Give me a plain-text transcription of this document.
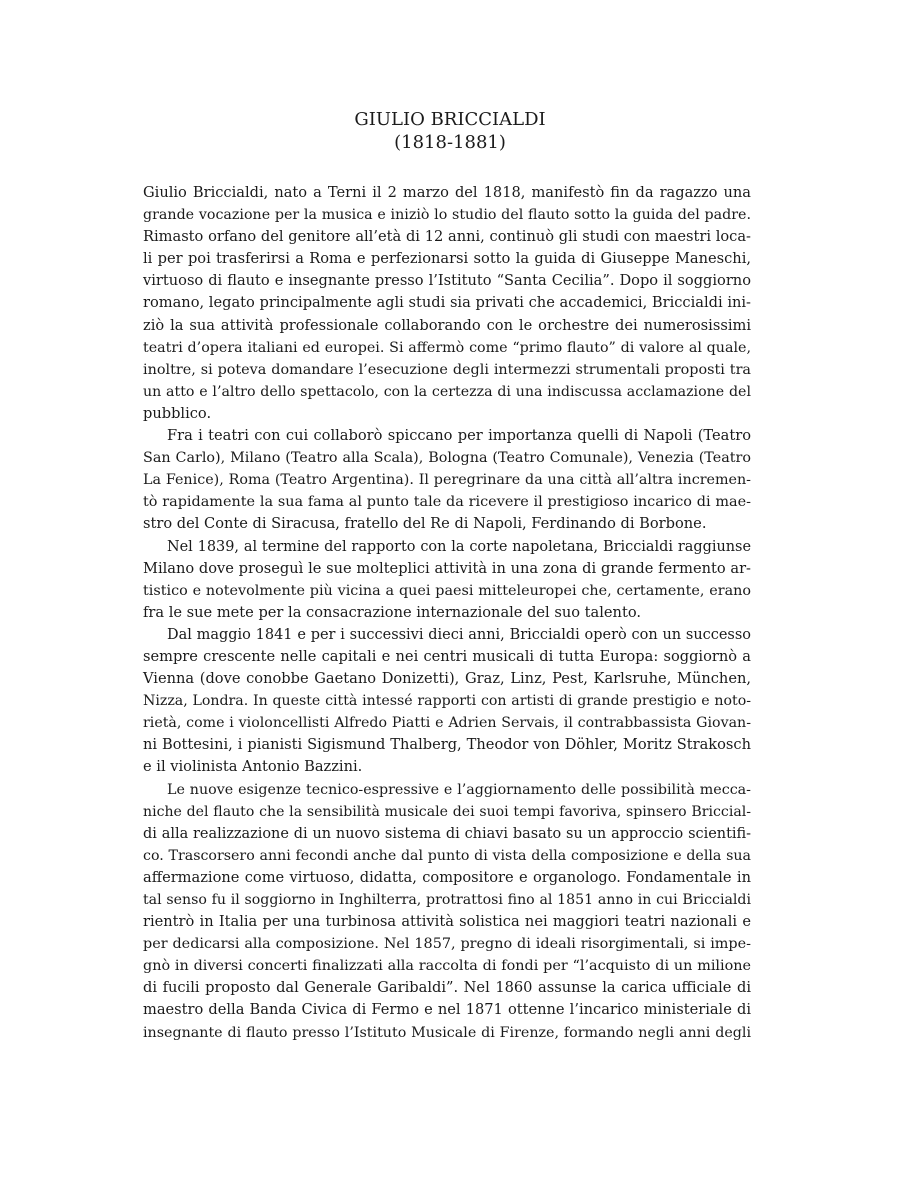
GIULIO BRICCIALDI
(1818-1881)
Giulio Briccialdi, nato a Terni il 2 marzo del 1818, manifestò fin da ragazzo una
grande vocazione per la musica e iniziò lo studio del flauto sotto la guida del padre.
Rimasto orfano del genitore all’età di 12 anni, continuò gli studi con maestri loca-
li per poi trasferirsi a Roma e perfezionarsi sotto la guida di Giuseppe Maneschi,
virtuoso di flauto e insegnante presso l’Istituto “Santa Cecilia”. Dopo il soggiorno
romano, legato principalmente agli studi sia privati che accademici, Briccialdi ini-
ziò la sua attività professionale collaborando con le orchestre dei numerosissimi
teatri d’opera italiani ed europei. Si affermò come “primo flauto” di valore al quale,
inoltre, si poteva domandare l’esecuzione degli intermezzi strumentali proposti tra
un atto e l’altro dello spettacolo, con la certezza di una indiscussa acclamazione del
pubblico.
Fra i teatri con cui collaborò spiccano per importanza quelli di Napoli (Teatro
San Carlo), Milano (Teatro alla Scala), Bologna (Teatro Comunale), Venezia (Teatro
La Fenice), Roma (Teatro Argentina). Il peregrinare da una città all’altra incremen-
tò rapidamente la sua fama al punto tale da ricevere il prestigioso incarico di mae-
stro del Conte di Siracusa, fratello del Re di Napoli, Ferdinando di Borbone.
Nel 1839, al termine del rapporto con la corte napoletana, Briccialdi raggiunse
Milano dove proseguì le sue molteplici attività in una zona di grande fermento ar-
tistico e notevolmente più vicina a quei paesi mitteleuropei che, certamente, erano
fra le sue mete per la consacrazione internazionale del suo talento.
Dal maggio 1841 e per i successivi dieci anni, Briccialdi operò con un successo
sempre crescente nelle capitali e nei centri musicali di tutta Europa: soggiornò a
Vienna (dove conobbe Gaetano Donizetti), Graz, Linz, Pest, Karlsruhe, München,
Nizza, Londra. In queste città intessé rapporti con artisti di grande prestigio e noto-
rietà, come i violoncellisti Alfredo Piatti e Adrien Servais, il contrabbassista Giovan-
ni Bottesini, i pianisti Sigismund Thalberg, Theodor von Döhler, Moritz Strakosch
e il violinista Antonio Bazzini.
Le nuove esigenze tecnico-espressive e l’aggiornamento delle possibilità mecca-
niche del flauto che la sensibilità musicale dei suoi tempi favoriva, spinsero Briccial-
di alla realizzazione di un nuovo sistema di chiavi basato su un approccio scientifi-
co. Trascorsero anni fecondi anche dal punto di vista della composizione e della sua
affermazione come virtuoso, didatta, compositore e organologo. Fondamentale in
tal senso fu il soggiorno in Inghilterra, protrattosi fino al 1851 anno in cui Briccialdi
rientrò in Italia per una turbinosa attività solistica nei maggiori teatri nazionali e
per dedicarsi alla composizione. Nel 1857, pregno di ideali risorgimentali, si impe-
gnò in diversi concerti finalizzati alla raccolta di fondi per “l’acquisto di un milione
di fucili proposto dal Generale Garibaldi”. Nel 1860 assunse la carica ufficiale di
maestro della Banda Civica di Fermo e nel 1871 ottenne l’incarico ministeriale di
insegnante di flauto presso l’Istituto Musicale di Firenze, formando negli anni degli
